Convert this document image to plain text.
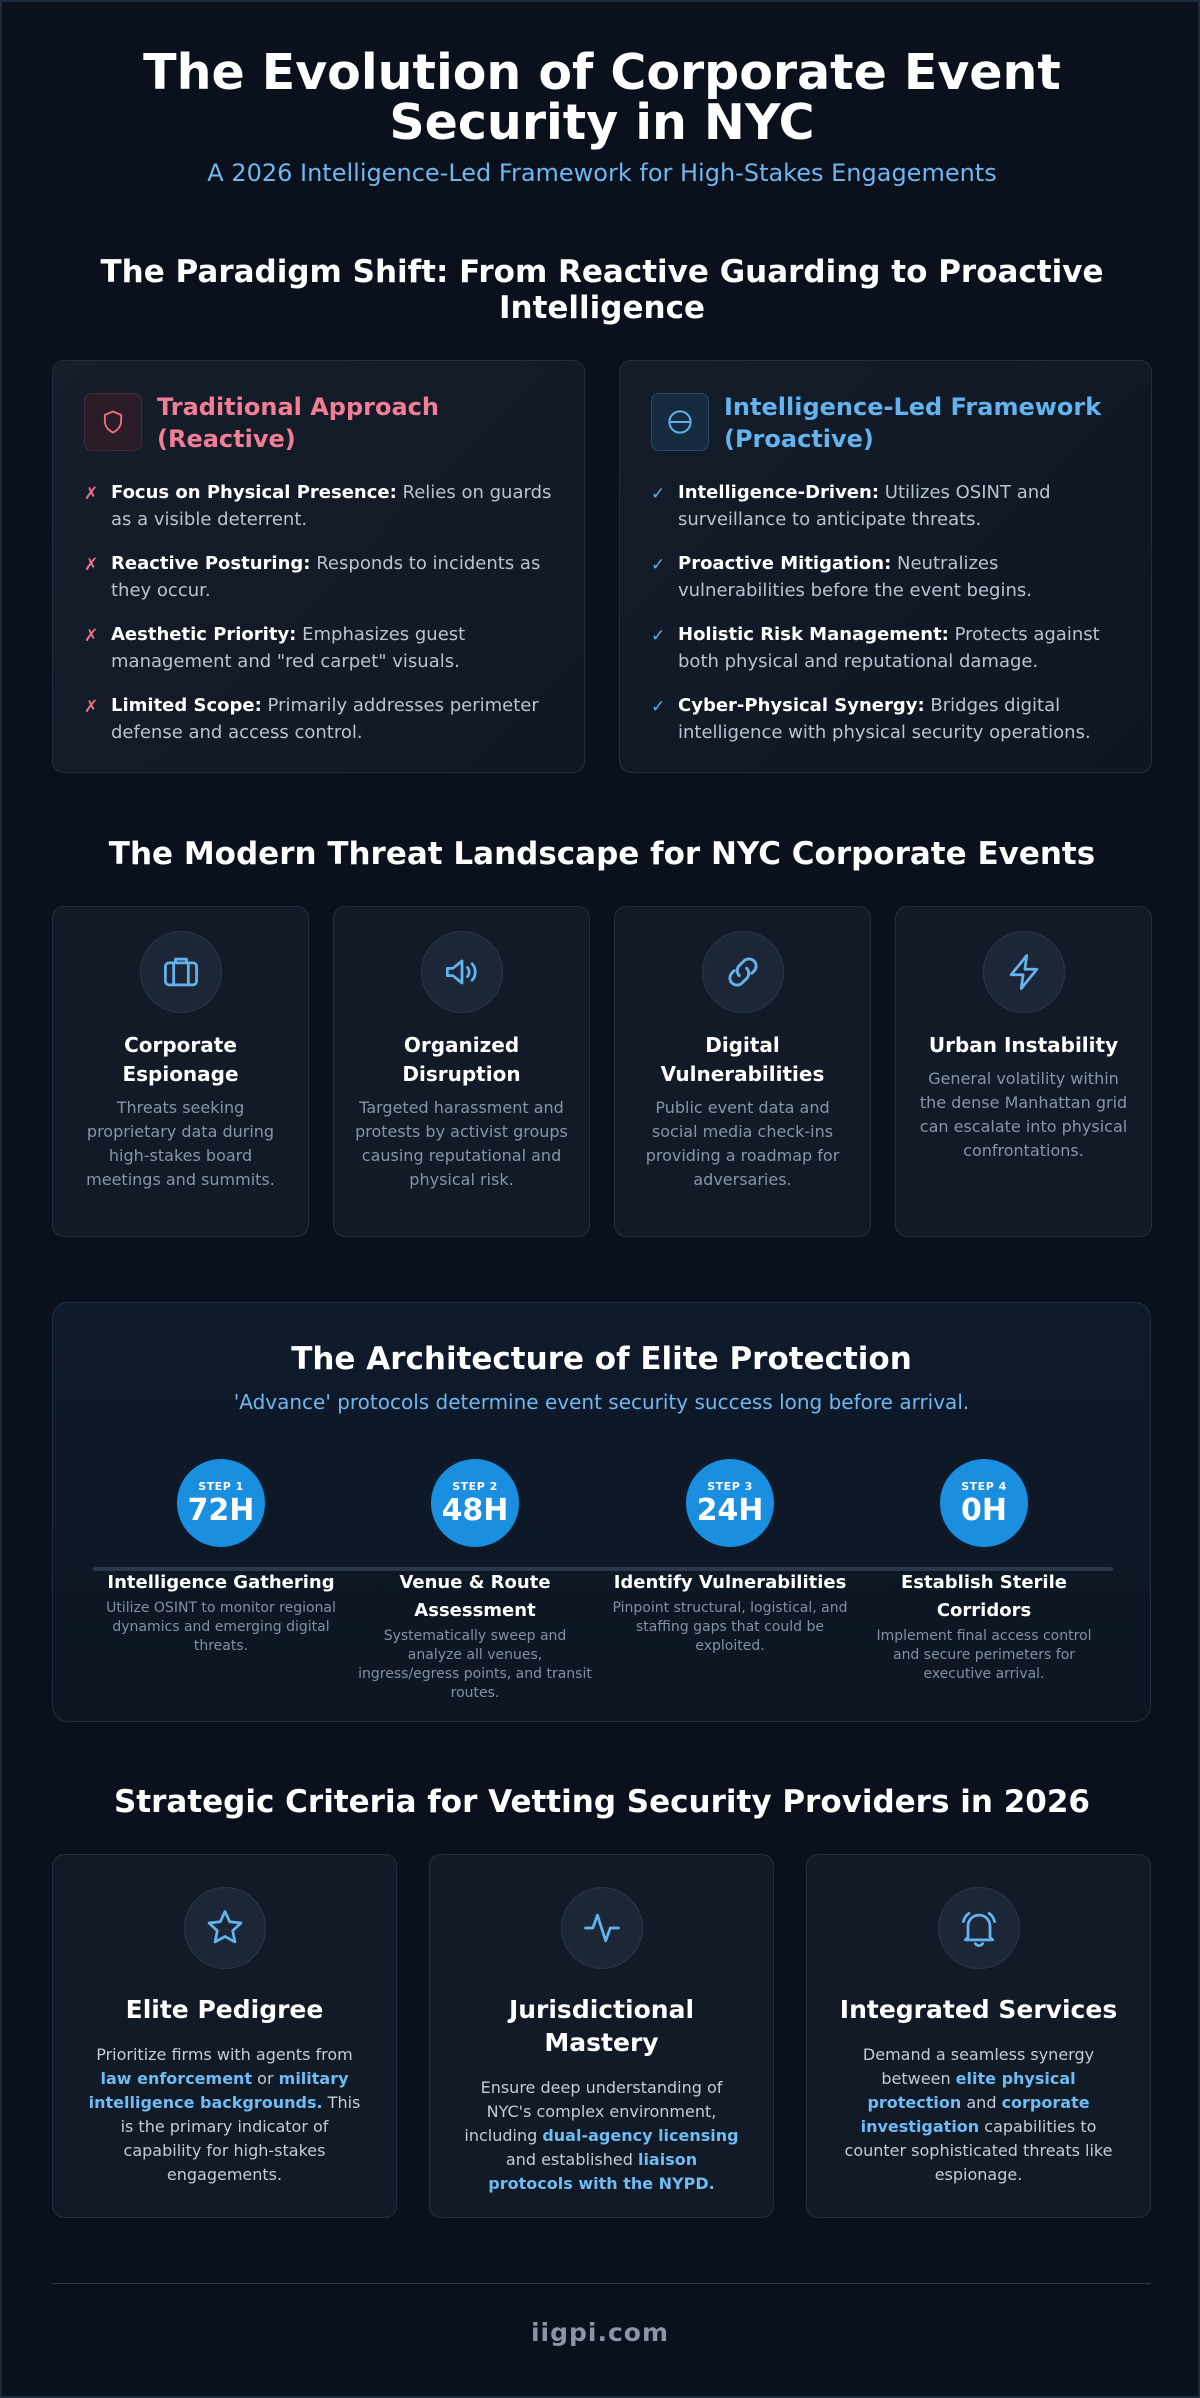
The Evolution of Corporate Event Security in NYC
A 2026 Intelligence-Led Framework for High-Stakes Engagements
The Paradigm Shift: From Reactive Guarding to Proactive Intelligence
Traditional Approach (Reactive)
✗ Focus on Physical Presence: Relies on guards as a visible deterrent.
✗ Reactive Posturing: Responds to incidents as they occur.
✗ Aesthetic Priority: Emphasizes guest management and "red carpet" visuals.
✗ Limited Scope: Primarily addresses perimeter defense and access control.
Intelligence-Led Framework (Proactive)
✓ Intelligence-Driven: Utilizes OSINT and surveillance to anticipate threats.
✓ Proactive Mitigation: Neutralizes vulnerabilities before the event begins.
✓ Holistic Risk Management: Protects against both physical and reputational damage.
✓ Cyber-Physical Synergy: Bridges digital intelligence with physical security operations.
The Modern Threat Landscape for NYC Corporate Events
Corporate Espionage
Threats seeking proprietary data during high-stakes board meetings and summits.
Organized Disruption
Targeted harassment and protests by activist groups causing reputational and physical risk.
Digital Vulnerabilities
Public event data and social media check-ins providing a roadmap for adversaries.
Urban Instability
General volatility within the dense Manhattan grid can escalate into physical confrontations.
The Architecture of Elite Protection
'Advance' protocols determine event security success long before arrival.
STEP 1
72H
Intelligence Gathering
Utilize OSINT to monitor regional dynamics and emerging digital threats.
STEP 2
48H
Venue & Route Assessment
Systematically sweep and analyze all venues, ingress/egress points, and transit routes.
STEP 3
24H
Identify Vulnerabilities
Pinpoint structural, logistical, and staffing gaps that could be exploited.
STEP 4
0H
Establish Sterile Corridors
Implement final access control and secure perimeters for executive arrival.
Strategic Criteria for Vetting Security Providers in 2026
Elite Pedigree
Prioritize firms with agents from law enforcement or military intelligence backgrounds. This is the primary indicator of capability for high-stakes engagements.
Jurisdictional Mastery
Ensure deep understanding of NYC's complex environment, including dual-agency licensing and established liaison protocols with the NYPD.
Integrated Services
Demand a seamless synergy between elite physical protection and corporate investigation capabilities to counter sophisticated threats like espionage.
iigpi.com
